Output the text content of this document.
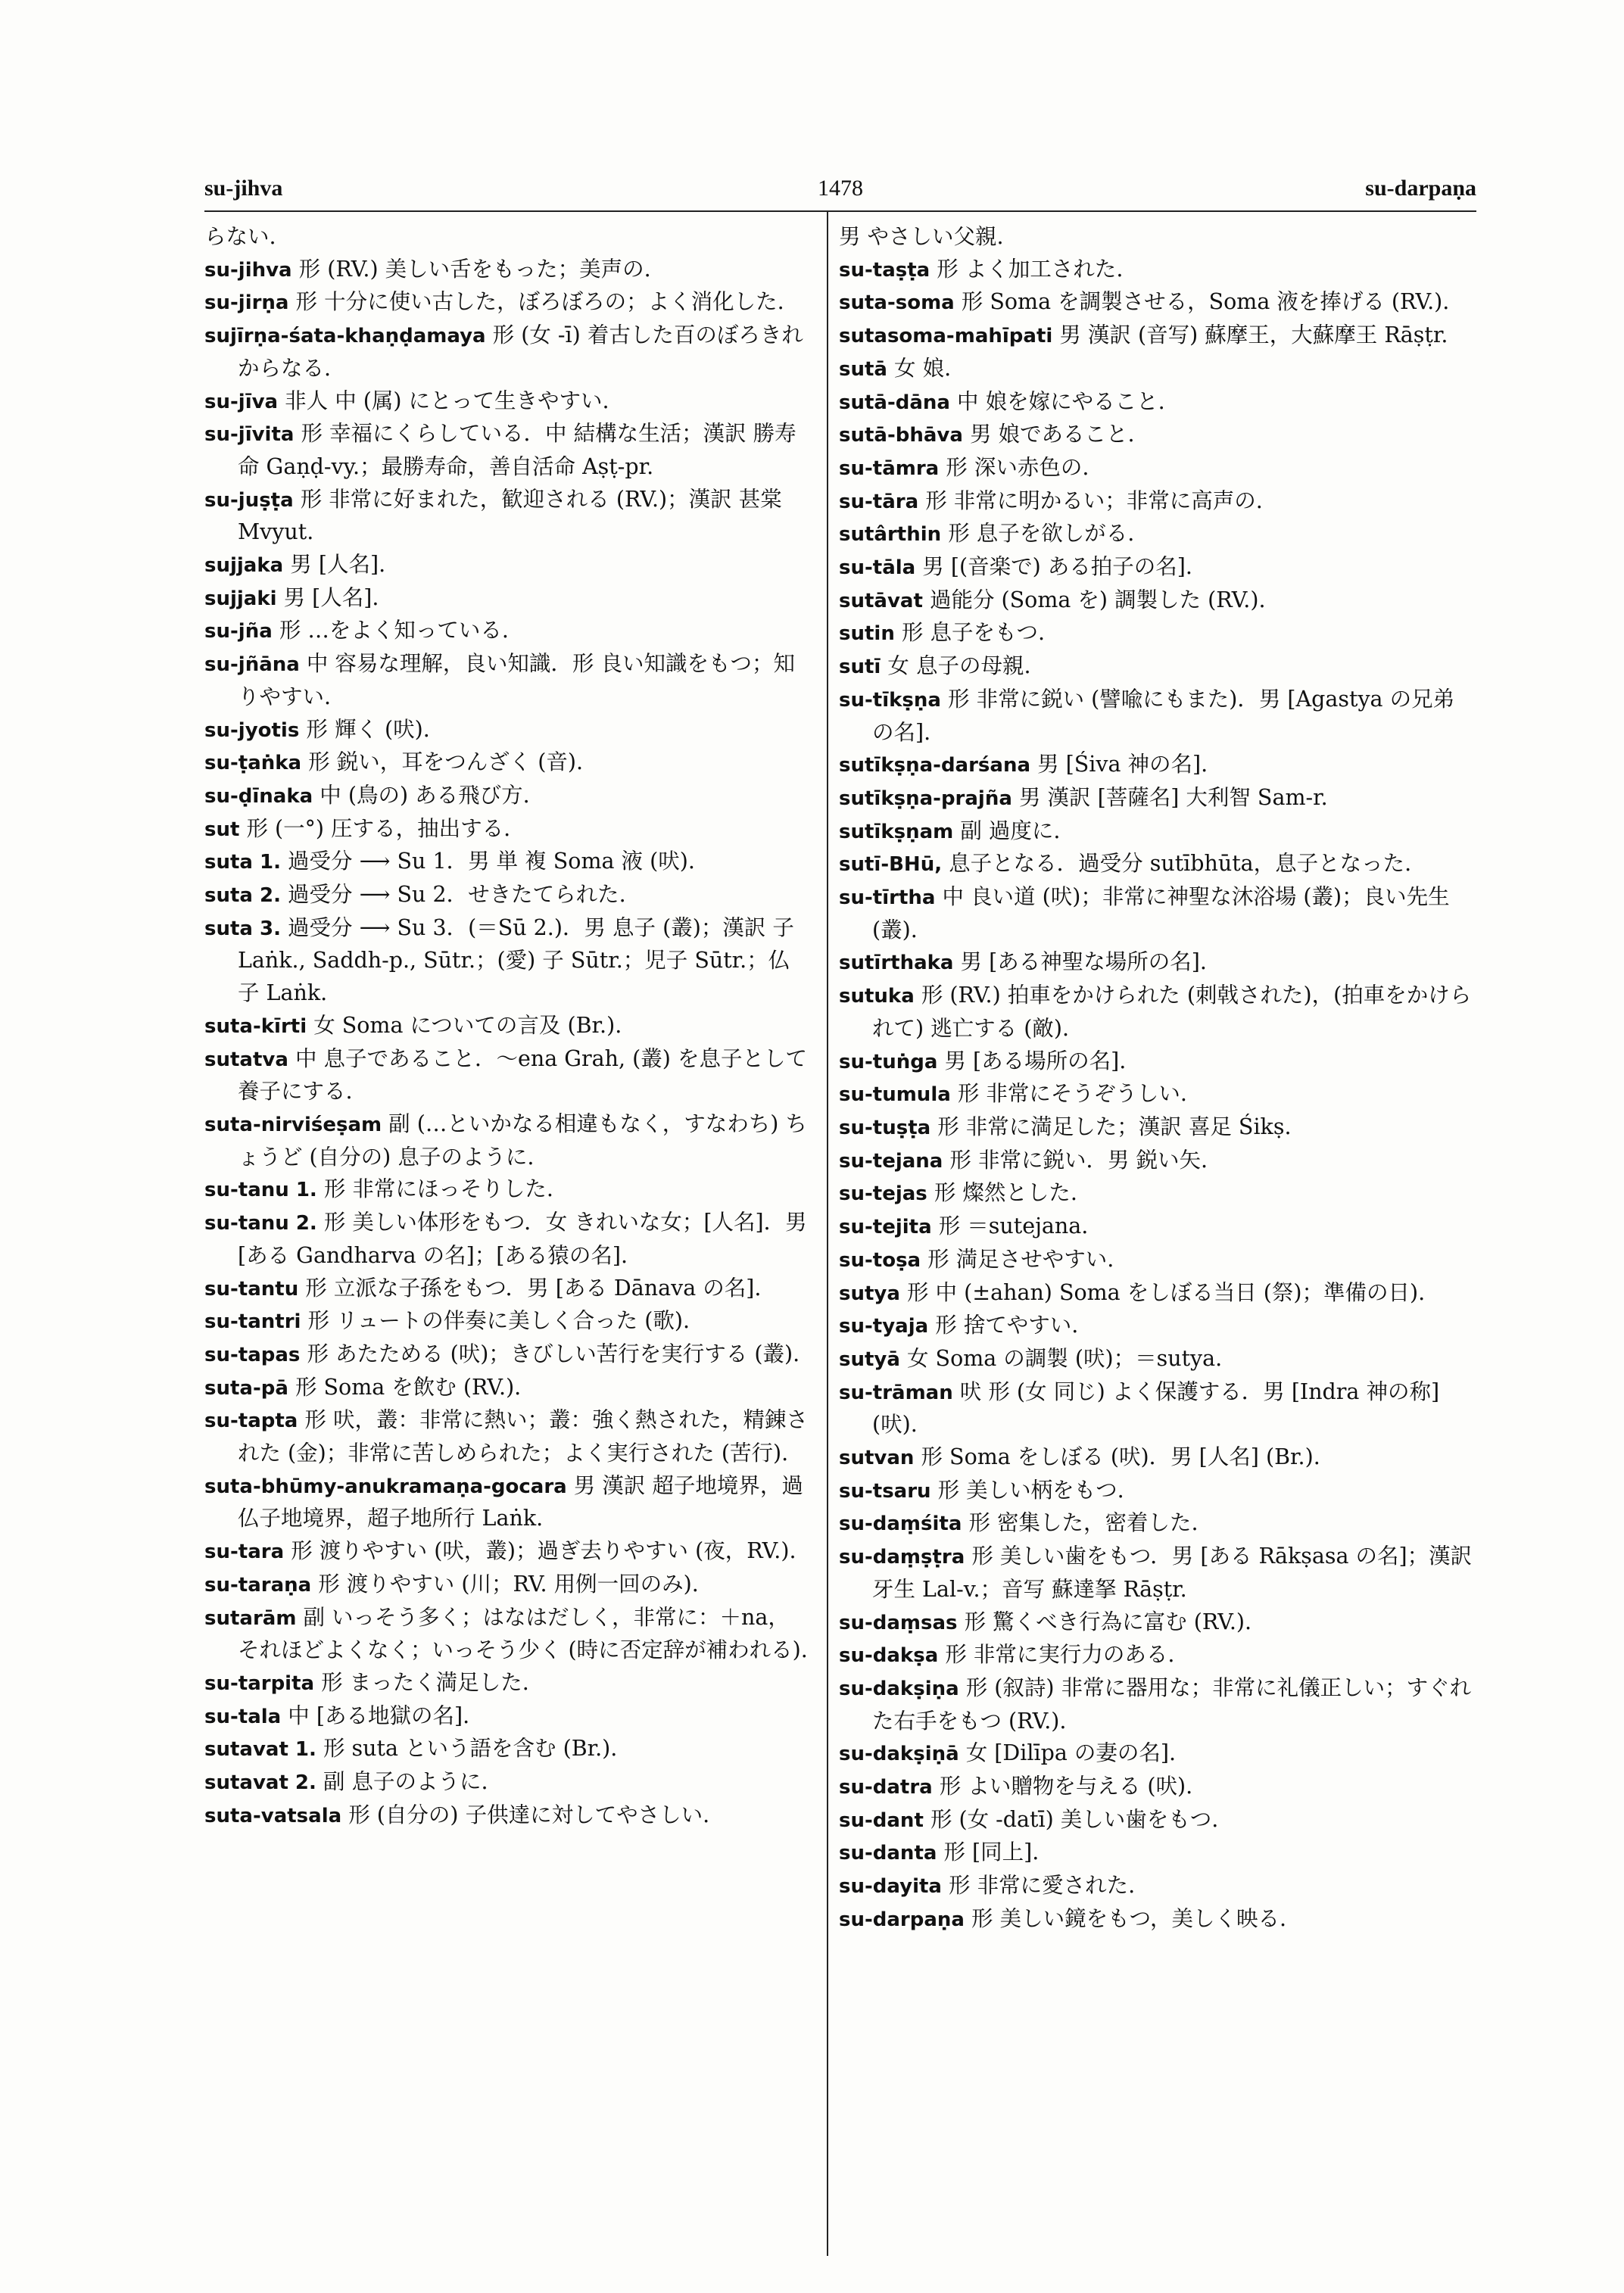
su-jihva	1478	su-darpaṇa

らない.

su-jihva 形 (RV.) 美しい舌をもった；美声の.

su-jirṇa 形 十分に使い古した，ぼろぼろの；よく消化した.

sujīrṇa-śata-khaṇḍamaya 形 (女 -ī) 着古した百のぼろきれからなる.

su-jīva 非人 中 (属) にとって生きやすい.

su-jīvita 形 幸福にくらしている．中 結構な生活；漢訳 勝寿命 Gaṇḍ-vy.；最勝寿命，善自活命 Aṣṭ-pr.

su-juṣṭa 形 非常に好まれた，歓迎される (RV.)；漢訳 甚棠 Mvyut.

sujjaka 男 [人名].

sujjaki 男 [人名].

su-jña 形 …をよく知っている.

su-jñāna 中 容易な理解，良い知識．形 良い知識をもつ；知りやすい.

su-jyotis 形 輝く (吠).

su-ṭaṅka 形 鋭い，耳をつんざく (音).

su-ḍīnaka 中 (鳥の) ある飛び方.

sut 形 (一°) 圧する，抽出する.

suta 1. 過受分 ⟶ Su 1．男 単 複 Soma 液 (吠).

suta 2. 過受分 ⟶ Su 2．せきたてられた.

suta 3. 過受分 ⟶ Su 3．(＝Sū 2.)．男 息子 (叢)；漢訳 子 Laṅk., Saddh-p., Sūtr.；(愛) 子 Sūtr.；児子 Sūtr.；仏子 Laṅk.

suta-kīrti 女 Soma についての言及 (Br.).

sutatva 中 息子であること．～ena Grah, (叢) を息子として養子にする.

suta-nirviśeṣam 副 (…といかなる相違もなく，すなわち) ちょうど (自分の) 息子のように.

su-tanu 1. 形 非常にほっそりした.

su-tanu 2. 形 美しい体形をもつ．女 きれいな女；[人名]．男 [ある Gandharva の名]；[ある猿の名].

su-tantu 形 立派な子孫をもつ．男 [ある Dānava の名].

su-tantri 形 リュートの伴奏に美しく合った (歌).

su-tapas 形 あたためる (吠)；きびしい苦行を実行する (叢).

suta-pā 形 Soma を飲む (RV.).

su-tapta 形 吠，叢：非常に熱い；叢：強く熱された，精錬された (金)；非常に苦しめられた；よく実行された (苦行).

suta-bhūmy-anukramaṇa-gocara 男 漢訳 超子地境界，過仏子地境界，超子地所行 Laṅk.

su-tara 形 渡りやすい (吠，叢)；過ぎ去りやすい (夜，RV.).

su-taraṇa 形 渡りやすい (川；RV. 用例一回のみ).

sutarām 副 いっそう多く；はなはだしく，非常に：＋na，それほどよくなく；いっそう少く (時に否定辞が補われる).

su-tarpita 形 まったく満足した.

su-tala 中 [ある地獄の名].

sutavat 1. 形 suta という語を含む (Br.).

sutavat 2. 副 息子のように.

suta-vatsala 形 (自分の) 子供達に対してやさしい.

男 やさしい父親.

su-taṣṭa 形 よく加工された.

suta-soma 形 Soma を調製させる，Soma 液を捧げる (RV.).

sutasoma-mahīpati 男 漢訳 (音写) 蘇摩王，大蘇摩王 Rāṣṭr.

sutā 女 娘.

sutā-dāna 中 娘を嫁にやること.

sutā-bhāva 男 娘であること.

su-tāmra 形 深い赤色の.

su-tāra 形 非常に明かるい；非常に高声の.

sutârthin 形 息子を欲しがる.

su-tāla 男 [(音楽で) ある拍子の名].

sutāvat 過能分 (Soma を) 調製した (RV.).

sutin 形 息子をもつ.

sutī 女 息子の母親.

su-tīkṣṇa 形 非常に鋭い (譬喩にもまた)．男 [Agastya の兄弟の名].

sutīkṣṇa-darśana 男 [Śiva 神の名].

sutīkṣṇa-prajña 男 漢訳 [菩薩名] 大利智 Sam-r.

sutīkṣṇam 副 過度に.

sutī-BHū, 息子となる．過受分 sutībhūta，息子となった.

su-tīrtha 中 良い道 (吠)；非常に神聖な沐浴場 (叢)；良い先生 (叢).

sutīrthaka 男 [ある神聖な場所の名].

sutuka 形 (RV.) 拍車をかけられた (刺戟された)，(拍車をかけられて) 逃亡する (敵).

su-tuṅga 男 [ある場所の名].

su-tumula 形 非常にそうぞうしい.

su-tuṣṭa 形 非常に満足した；漢訳 喜足 Śikṣ.

su-tejana 形 非常に鋭い．男 鋭い矢.

su-tejas 形 燦然とした.

su-tejita 形 ＝sutejana.

su-toṣa 形 満足させやすい.

sutya 形 中 (±ahan) Soma をしぼる当日 (祭)；準備の日).

su-tyaja 形 捨てやすい.

sutyā 女 Soma の調製 (吠)；＝sutya.

su-trāman 吠 形 (女 同じ) よく保護する．男 [Indra 神の称] (吠).

sutvan 形 Soma をしぼる (吠)．男 [人名] (Br.).

su-tsaru 形 美しい柄をもつ.

su-daṃśita 形 密集した，密着した.

su-daṃṣṭra 形 美しい歯をもつ．男 [ある Rākṣasa の名]；漢訳 牙生 Lal-v.；音写 蘇達拏 Rāṣṭr.

su-daṃsas 形 驚くべき行為に富む (RV.).

su-dakṣa 形 非常に実行力のある.

su-dakṣiṇa 形 (叙詩) 非常に器用な；非常に礼儀正しい；すぐれた右手をもつ (RV.).

su-dakṣiṇā 女 [Dilīpa の妻の名].

su-datra 形 よい贈物を与える (吠).

su-dant 形 (女 -datī) 美しい歯をもつ.

su-danta 形 [同上].

su-dayita 形 非常に愛された.

su-darpaṇa 形 美しい鏡をもつ，美しく映る.
